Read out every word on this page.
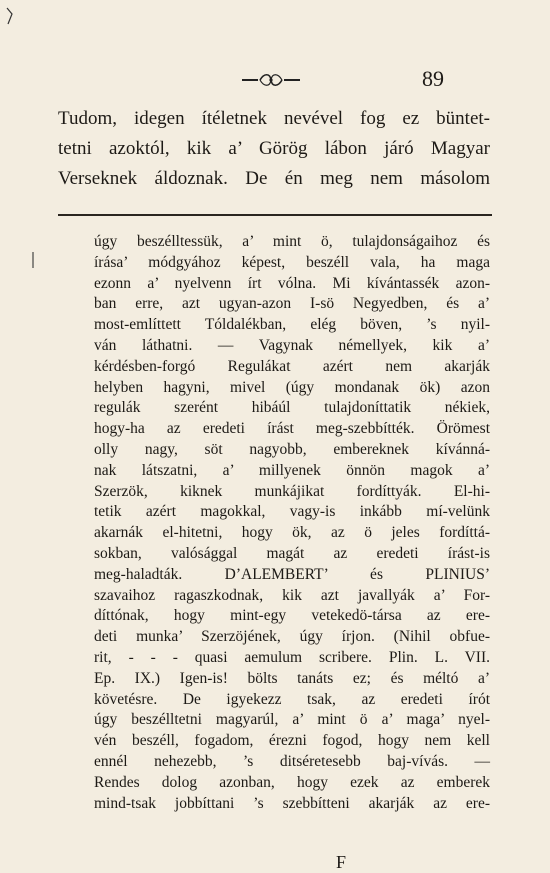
89
Tudom, idegen ítéletnek nevével fog ez büntet-
tetni azoktól, kik a’ Görög lábon járó Magyar
Verseknek áldoznak. De én meg nem másolom
úgy beszélltessük, a’ mint ö, tulajdonságaihoz és
írása’ módgyához képest, beszéll vala, ha maga
ezonn a’ nyelvenn írt vólna. Mi kívántassék azon-
ban erre, azt ugyan-azon I-sö Negyedben, és a’
most-említtett Tóldalékban, elég böven, ’s nyil-
ván láthatni. — Vagynak némellyek, kik a’
kérdésben-forgó Regulákat azért nem akarják
helyben hagyni, mivel (úgy mondanak ök) azon
regulák szerént hibáúl tulajdoníttatik nékiek,
hogy-ha az eredeti írást meg-szebbítték. Örömest
olly nagy, söt nagyobb, embereknek kívánná-
nak látszatni, a’ millyenek önnön magok a’
Szerzök, kiknek munkájikat fordíttyák. El-hi-
tetik azért magokkal, vagy-is inkább mí-velünk
akarnák el-hitetni, hogy ök, az ö jeles fordíttá-
sokban, valósággal magát az eredeti írást-is
meg-haladták. D’ALEMBERT’ és PLINIUS’
szavaihoz ragaszkodnak, kik azt javallyák a’ For-
díttónak, hogy mint-egy vetekedö-társa az ere-
deti munka’ Szerzöjének, úgy írjon. (Nihil obfue-
rit, - - - quasi aemulum scribere. Plin. L. VII.
Ep. IX.) Igen-is! bölts tanáts ez; és méltó a’
követésre. De igyekezz tsak, az eredeti írót
úgy beszélltetni magyarúl, a’ mint ö a’ maga’ nyel-
vén beszéll, fogadom, érezni fogod, hogy nem kell
ennél nehezebb, ’s ditséretesebb baj-vívás. —
Rendes dolog azonban, hogy ezek az emberek
mind-tsak jobbíttani ’s szebbítteni akarják az ere-
F
